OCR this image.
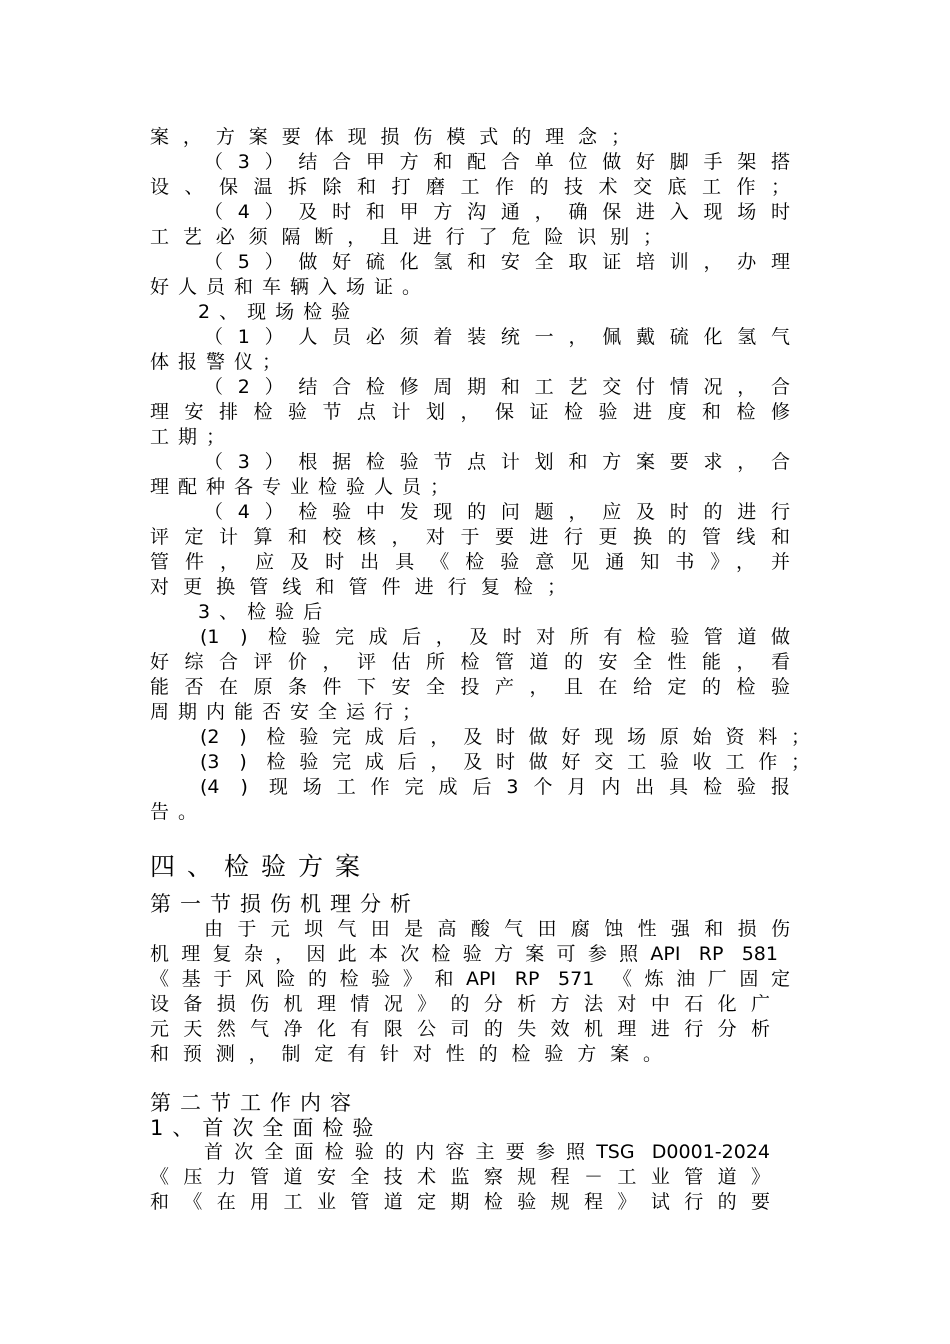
案，方案要体现损伤模式的理念；
（3）结合甲方和配合单位做好脚手架搭
设、保温拆除和打磨工作的技术交底工作；
（4）及时和甲方沟通，确保进入现场时
工艺必须隔断，且进行了危险识别；
（5）做好硫化氢和安全取证培训，办理
好人员和车辆入场证。
2、现场检验
（1）人员必须着装统一，佩戴硫化氢气
体报警仪；
（2）结合检修周期和工艺交付情况，合
理安排检验节点计划，保证检验进度和检修
工期；
（3）根据检验节点计划和方案要求，合
理配种各专业检验人员；
（4）检验中发现的问题，应及时的进行
评定计算和校核，对于要进行更换的管线和
管件，应及时出具《检验意见通知书》，并
对更换管线和管件进行复检；
3、检验后
(1 ) 检验完成后，及时对所有检验管道做
好综合评价，评估所检管道的安全性能，看
能否在原条件下安全投产，且在给定的检验
周期内能否安全运行；
(2 ) 检验完成后，及时做好现场原始资料；
(3 ) 检验完成后，及时做好交工验收工作；
(4 ) 现场工作完成后3个月内出具检验报
告。
四、检验方案
第一节损伤机理分析
由于元坝气田是高酸气田腐蚀性强和损伤
机理复杂，因此本次检验方案可参照API RP 581
《基于风险的检验》和API RP 571 《炼油厂固定
设备损伤机理情况》的分析方法对中石化广
元天然气净化有限公司的失效机理进行分析
和预测，制定有针对性的检验方案。
第二节工作内容
1、首次全面检验
首次全面检验的内容主要参照TSG D0001-2024
《压力管道安全技术监察规程－工业管道》
和《在用工业管道定期检验规程》试行的要
